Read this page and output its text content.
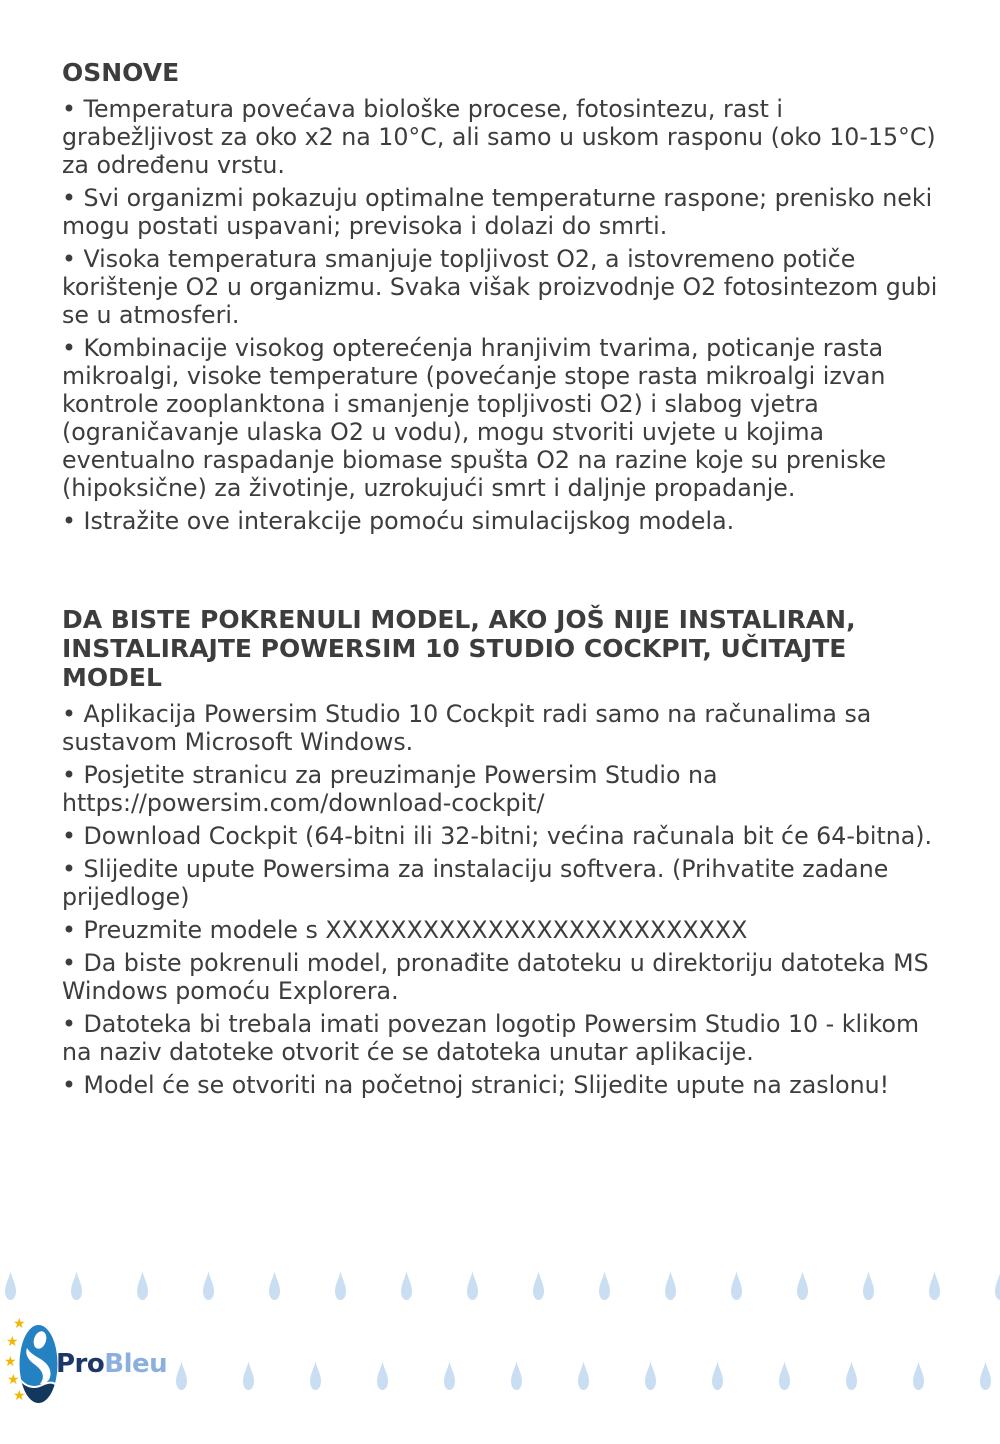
OSNOVE

• Temperatura povećava biološke procese, fotosintezu, rast i grabežljivost za oko x2 na 10°C, ali samo u uskom rasponu (oko 10-15°C) za određenu vrstu.

• Svi organizmi pokazuju optimalne temperaturne raspone; prenisko neki mogu postati uspavani; previsoka i dolazi do smrti.

• Visoka temperatura smanjuje topljivost O2, a istovremeno potiče korištenje O2 u organizmu. Svaka višak proizvodnje O2 fotosintezom gubi se u atmosferi.

• Kombinacije visokog opterećenja hranjivim tvarima, poticanje rasta mikroalgi, visoke temperature (povećanje stope rasta mikroalgi izvan kontrole zooplanktona i smanjenje topljivosti O2) i slabog vjetra (ograničavanje ulaska O2 u vodu), mogu stvoriti uvjete u kojima eventualno raspadanje biomase spušta O2 na razine koje su preniske (hipoksične) za životinje, uzrokujući smrt i daljnje propadanje.

• Istražite ove interakcije pomoću simulacijskog modela.

DA BISTE POKRENULI MODEL, AKO JOŠ NIJE INSTALIRAN, INSTALIRAJTE POWERSIM 10 STUDIO COCKPIT, UČITAJTE MODEL

• Aplikacija Powersim Studio 10 Cockpit radi samo na računalima sa sustavom Microsoft Windows.

• Posjetite stranicu za preuzimanje Powersim Studio na https://powersim.com/download-cockpit/

• Download Cockpit (64-bitni ili 32-bitni; većina računala bit će 64-bitna).

• Slijedite upute Powersima za instalaciju softvera. (Prihvatite zadane prijedloge)

• Preuzmite modele s XXXXXXXXXXXXXXXXXXXXXXXXXX

• Da biste pokrenuli model, pronađite datoteku u direktoriju datoteka MS Windows pomoću Explorera.

• Datoteka bi trebala imati povezan logotip Powersim Studio 10 - klikom na naziv datoteke otvorit će se datoteka unutar aplikacije.

• Model će se otvoriti na početnoj stranici; Slijedite upute na zaslonu!

★
★
★
★
★
ProBleu
